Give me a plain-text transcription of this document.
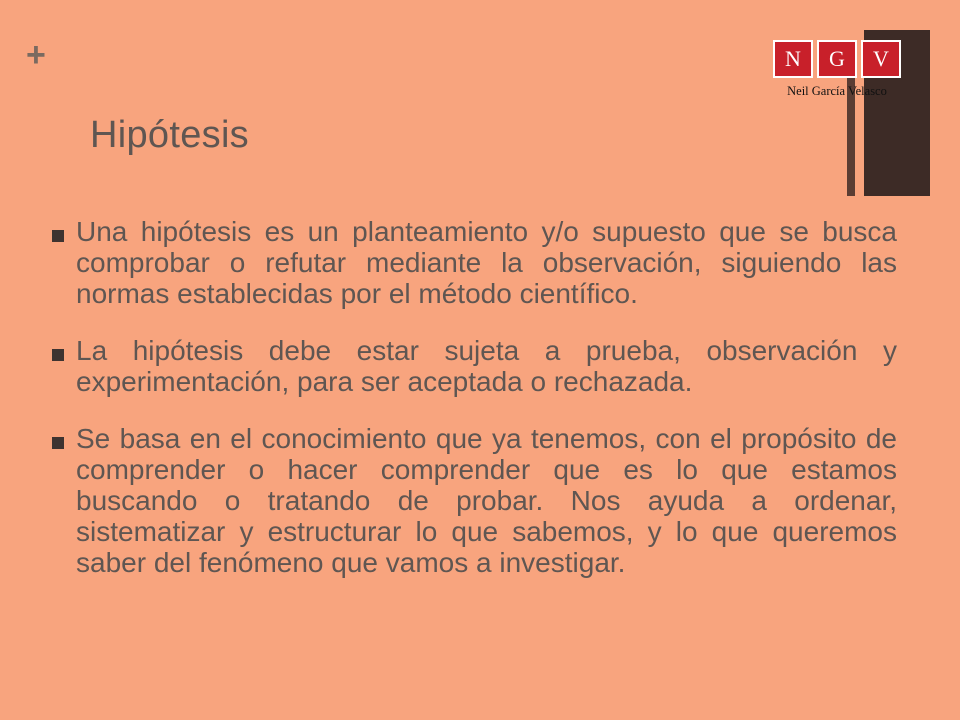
+	N	G	V
Neil García Velasco
Hipótesis

Una hipótesis es un planteamiento y/o supuesto que se busca comprobar o refutar mediante la observación, siguiendo las normas establecidas por el método científico.

La hipótesis debe estar sujeta a prueba, observación y experimentación, para ser aceptada o rechazada.

Se basa en el conocimiento que ya tenemos, con el propósito de comprender o hacer comprender que es lo que estamos buscando o tratando de probar. Nos ayuda a ordenar, sistematizar y estructurar lo que sabemos, y lo que queremos saber del fenómeno que vamos a investigar.
